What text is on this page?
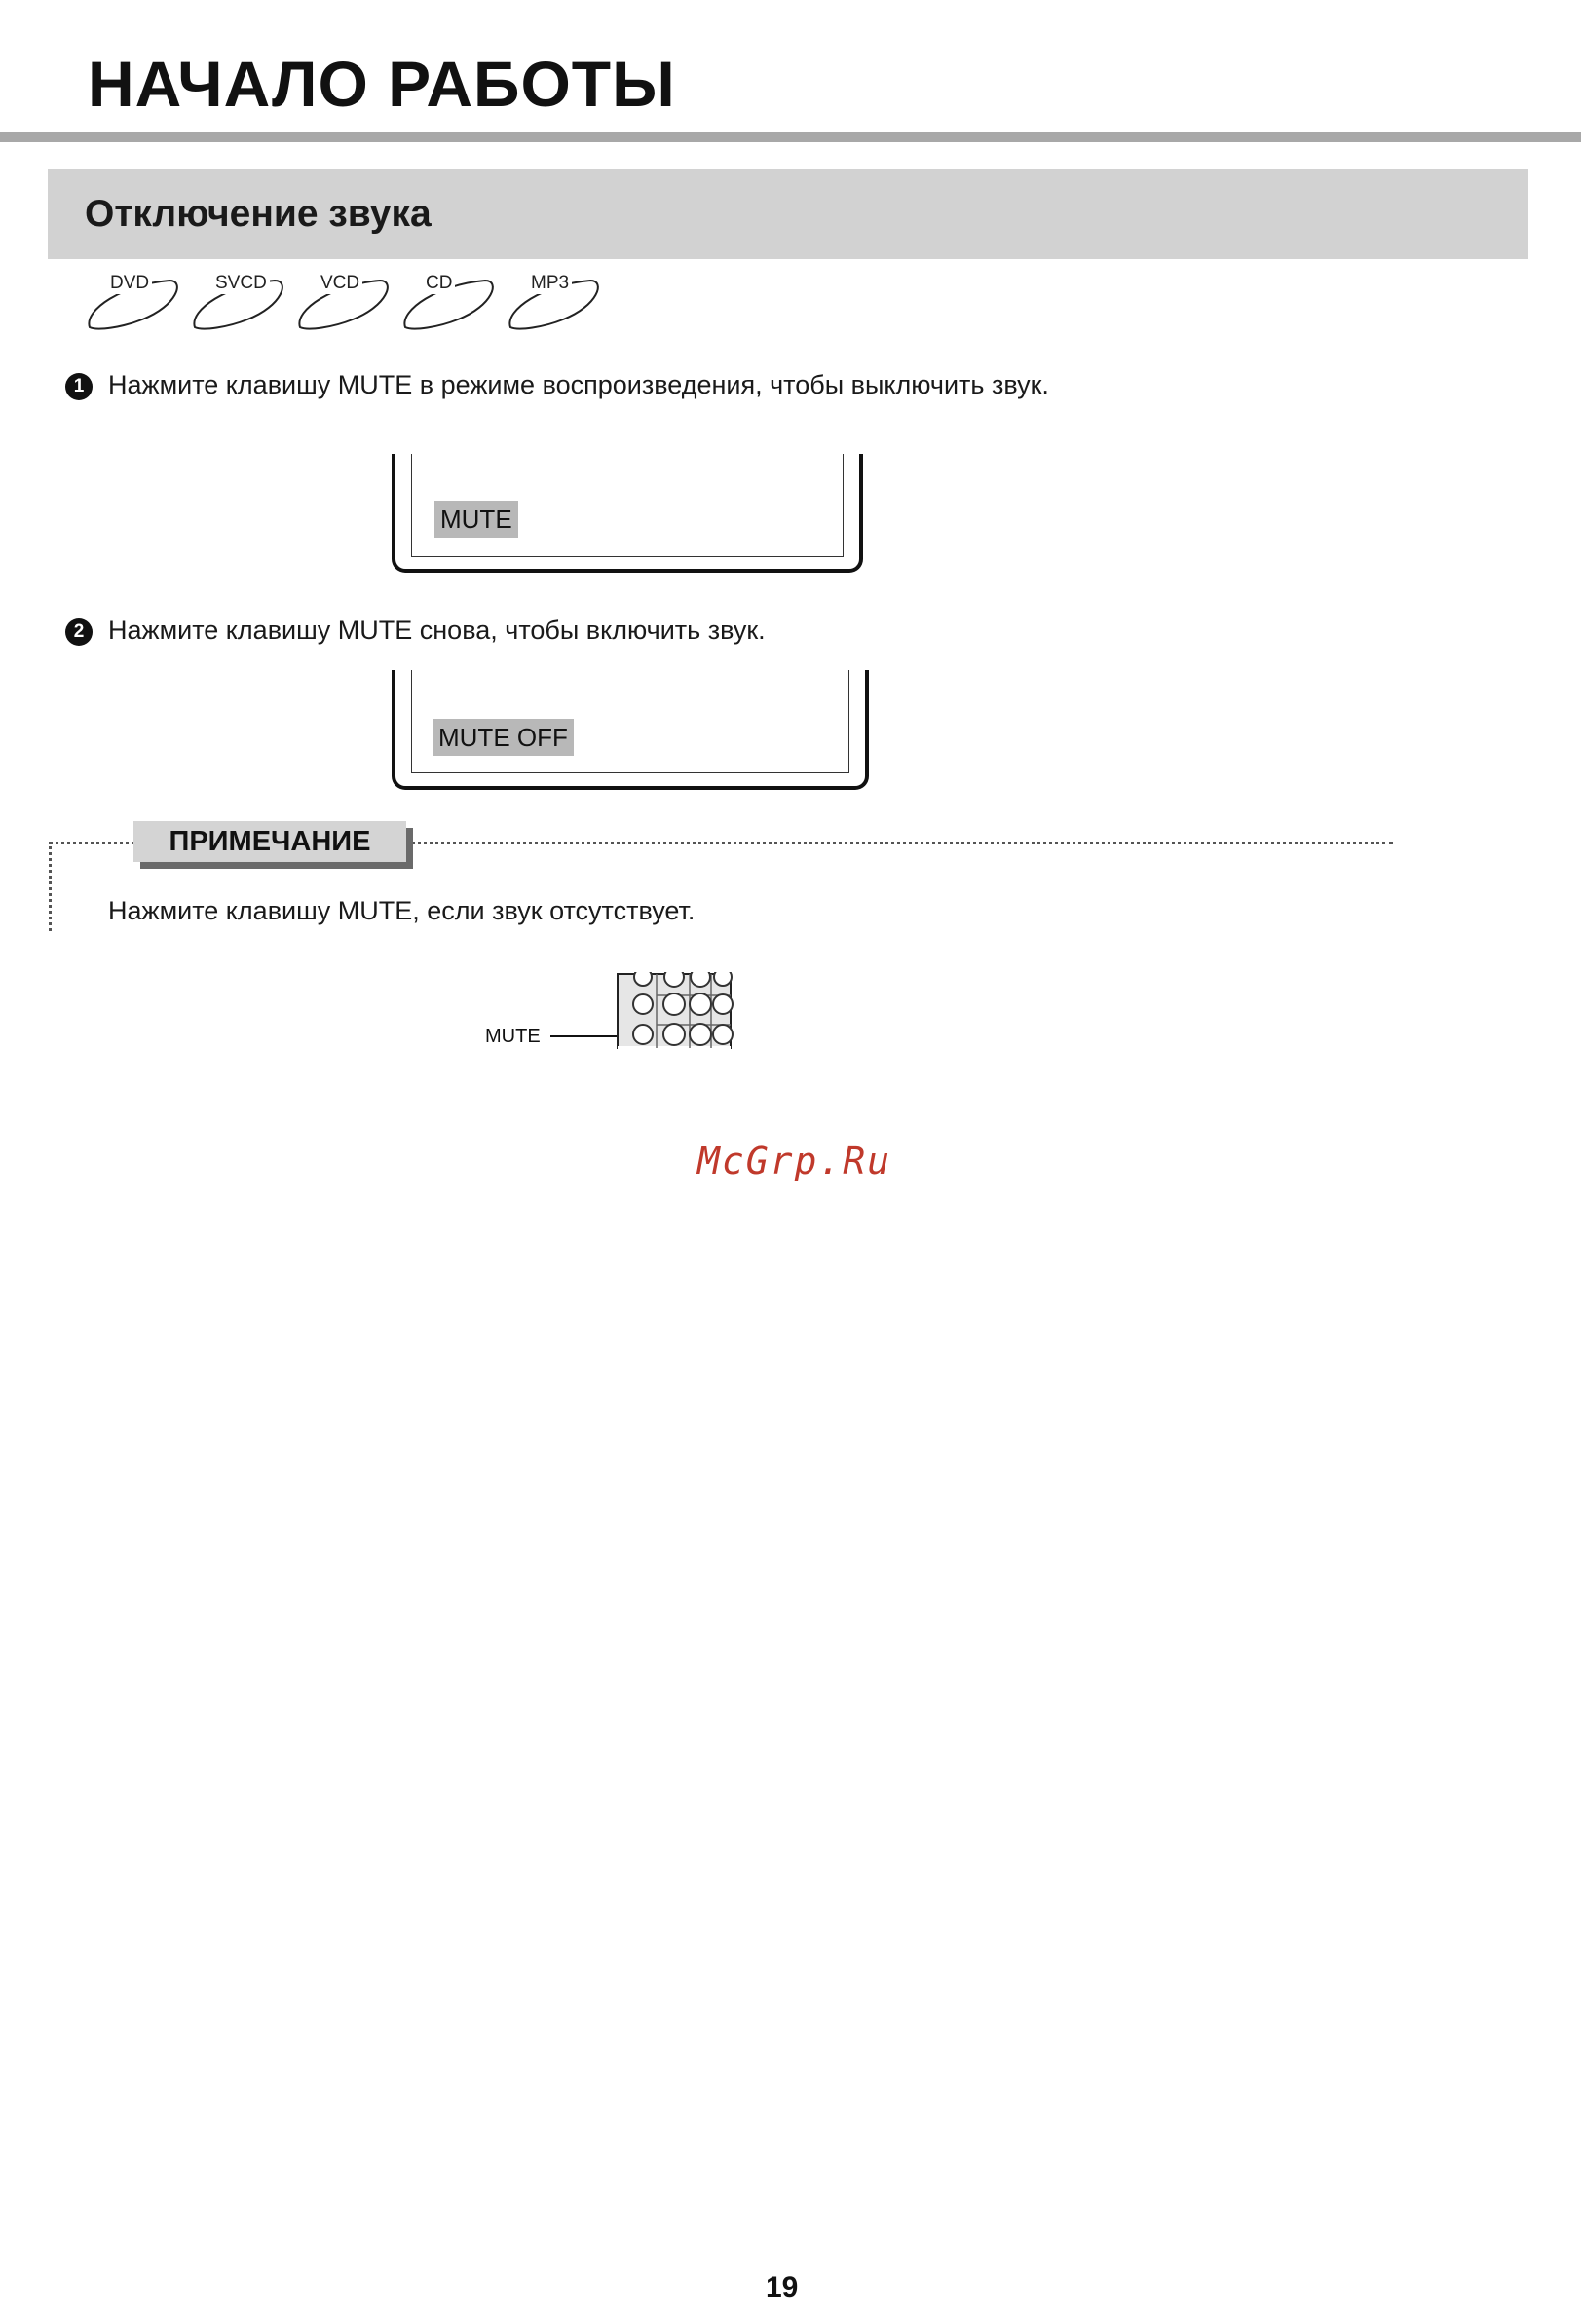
НАЧАЛО РАБОТЫ
Отключение звука
DVD	SVCD	VCD	CD	MP3
1 Нажмите клавишу MUTE в режиме воспроизведения, чтобы выключить звук.
MUTE
2 Нажмите клавишу MUTE снова, чтобы включить звук.
MUTE OFF
ПРИМЕЧАНИЕ
Нажмите клавишу MUTE, если звук отсутствует.
MUTE
McGrp.Ru
19
